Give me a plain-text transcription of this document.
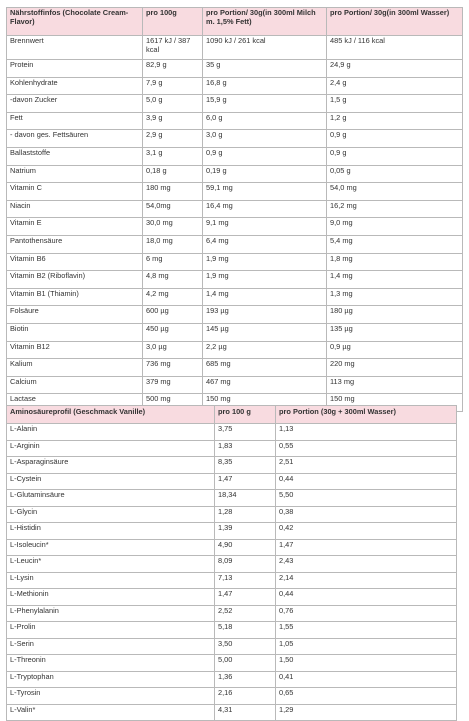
Nährstoffinfos (Chocolate Cream-Flavor)	pro 100g	pro Portion/ 30g(in 300ml Milch m. 1,5% Fett)	pro Portion/ 30g(in 300ml Wasser)
Brennwert	1617 kJ / 387 kcal	1090 kJ / 261 kcal	485 kJ / 116 kcal
Protein	82,9 g	35 g	24,9 g
Kohlenhydrate	7,9 g	16,8 g	2,4 g
-davon Zucker	5,0 g	15,9 g	1,5 g
Fett	3,9 g	6,0 g	1,2 g
- davon ges. Fettsäuren	2,9 g	3,0 g	0,9 g
Ballaststoffe	3,1 g	0,9 g	0,9 g
Natrium	0,18 g	0,19 g	0,05 g
Vitamin C	180 mg	59,1 mg	54,0 mg
Niacin	54,0mg	16,4 mg	16,2 mg
Vitamin E	30,0 mg	9,1 mg	9,0 mg
Pantothensäure	18,0 mg	6,4 mg	5,4 mg
Vitamin B6	6 mg	1,9 mg	1,8 mg
Vitamin B2 (Riboflavin)	4,8 mg	1,9 mg	1,4 mg
Vitamin B1 (Thiamin)	4,2 mg	1,4 mg	1,3 mg
Folsäure	600 µg	193 µg	180 µg
Biotin	450 µg	145 µg	135 µg
Vitamin B12	3,0 µg	2,2 µg	0,9 µg
Kalium	736 mg	685 mg	220 mg
Calcium	379 mg	467 mg	113 mg
Lactase	500 mg	150 mg	150 mg
Aminosäureprofil (Geschmack Vanille)	pro 100 g	pro Portion (30g + 300ml Wasser)
L-Alanin	3,75	1,13
L-Arginin	1,83	0,55
L-Asparaginsäure	8,35	2,51
L-Cystein	1,47	0,44
L-Glutaminsäure	18,34	5,50
L-Glycin	1,28	0,38
L-Histidin	1,39	0,42
L-Isoleucin*	4,90	1,47
L-Leucin*	8,09	2,43
L-Lysin	7,13	2,14
L-Methionin	1,47	0,44
L-Phenylalanin	2,52	0,76
L-Prolin	5,18	1,55
L-Serin	3,50	1,05
L-Threonin	5,00	1,50
L-Tryptophan	1,36	0,41
L-Tyrosin	2,16	0,65
L-Valin*	4,31	1,29
